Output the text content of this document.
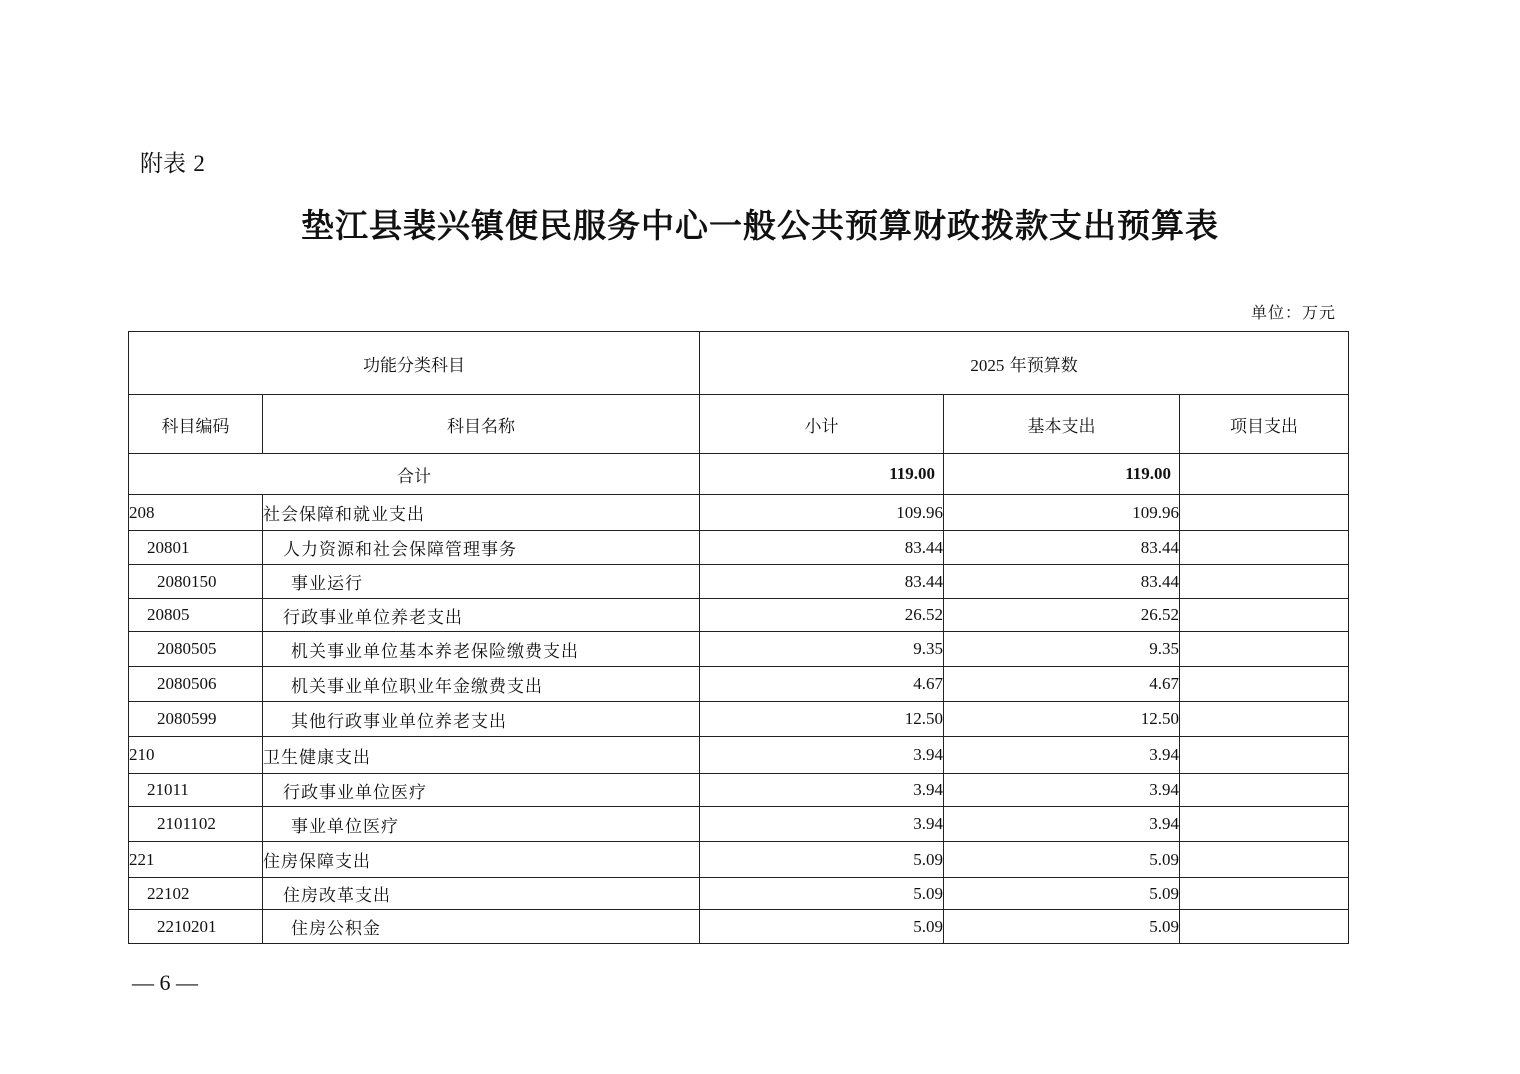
附表 2
垫江县裴兴镇便民服务中心一般公共预算财政拨款支出预算表
单位：万元
功能分类科目		2025 年预算数		
科目编码	科目名称	小计	基本支出	项目支出
合计		119.00	119.00	
208	社会保障和就业支出	109.96	109.96	
20801	人力资源和社会保障管理事务	83.44	83.44	
2080150	事业运行	83.44	83.44	
20805	行政事业单位养老支出	26.52	26.52	
2080505	机关事业单位基本养老保险缴费支出	9.35	9.35	
2080506	机关事业单位职业年金缴费支出	4.67	4.67	
2080599	其他行政事业单位养老支出	12.50	12.50	
210	卫生健康支出	3.94	3.94	
21011	行政事业单位医疗	3.94	3.94	
2101102	事业单位医疗	3.94	3.94	
221	住房保障支出	5.09	5.09	
22102	住房改革支出	5.09	5.09	
2210201	住房公积金	5.09	5.09	
— 6 —
